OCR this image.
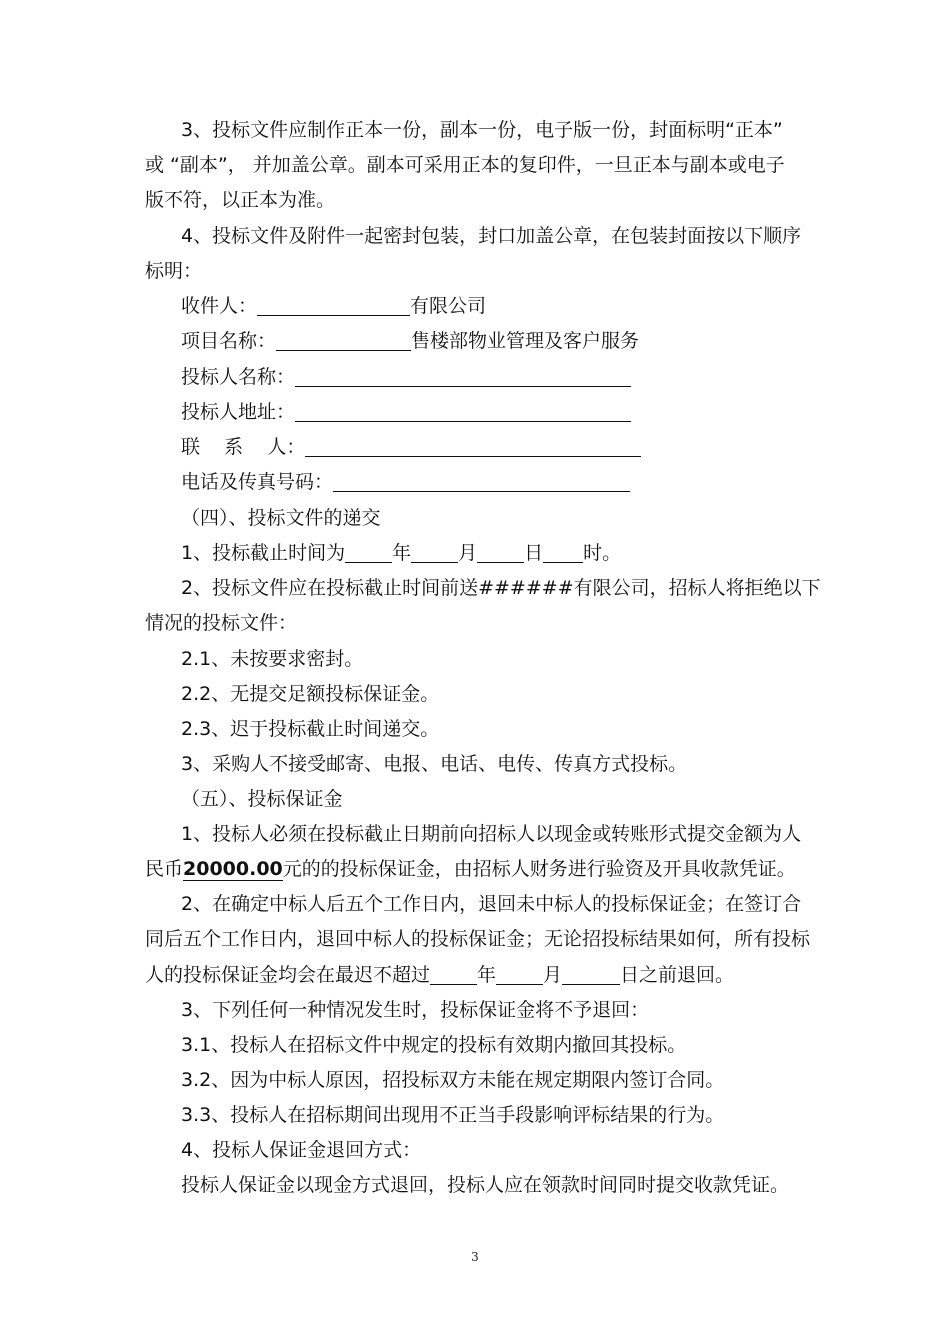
3、投标文件应制作正本一份，副本一份，电子版一份，封面标明“正本”
或 “副本”， 并加盖公章。副本可采用正本的复印件，一旦正本与副本或电子
版不符，以正本为准。
4、投标文件及附件一起密封包装，封口加盖公章，在包装封面按以下顺序
标明：
收件人：	有限公司
项目名称：	售楼部物业管理及客户服务
投标人名称：
投标人地址：
联    系    人：
电话及传真号码：
（四）、投标文件的递交
1、投标截止时间为 年 月 日 时。
2、投标文件应在投标截止时间前送######有限公司，招标人将拒绝以下
情况的投标文件：
2.1、未按要求密封。
2.2、无提交足额投标保证金。
2.3、迟于投标截止时间递交。
3、采购人不接受邮寄、电报、电话、电传、传真方式投标。
（五）、投标保证金
1、投标人必须在投标截止日期前向招标人以现金或转账形式提交金额为人
民币20000.00元的的投标保证金，由招标人财务进行验资及开具收款凭证。
2、在确定中标人后五个工作日内，退回未中标人的投标保证金；在签订合
同后五个工作日内，退回中标人的投标保证金；无论招投标结果如何，所有投标
人的投标保证金均会在最迟不超过 年 月	日之前退回。
3、下列任何一种情况发生时，投标保证金将不予退回：
3.1、投标人在招标文件中规定的投标有效期内撤回其投标。
3.2、因为中标人原因，招投标双方未能在规定期限内签订合同。
3.3、投标人在招标期间出现用不正当手段影响评标结果的行为。
4、投标人保证金退回方式：
投标人保证金以现金方式退回，投标人应在领款时间同时提交收款凭证。
3
